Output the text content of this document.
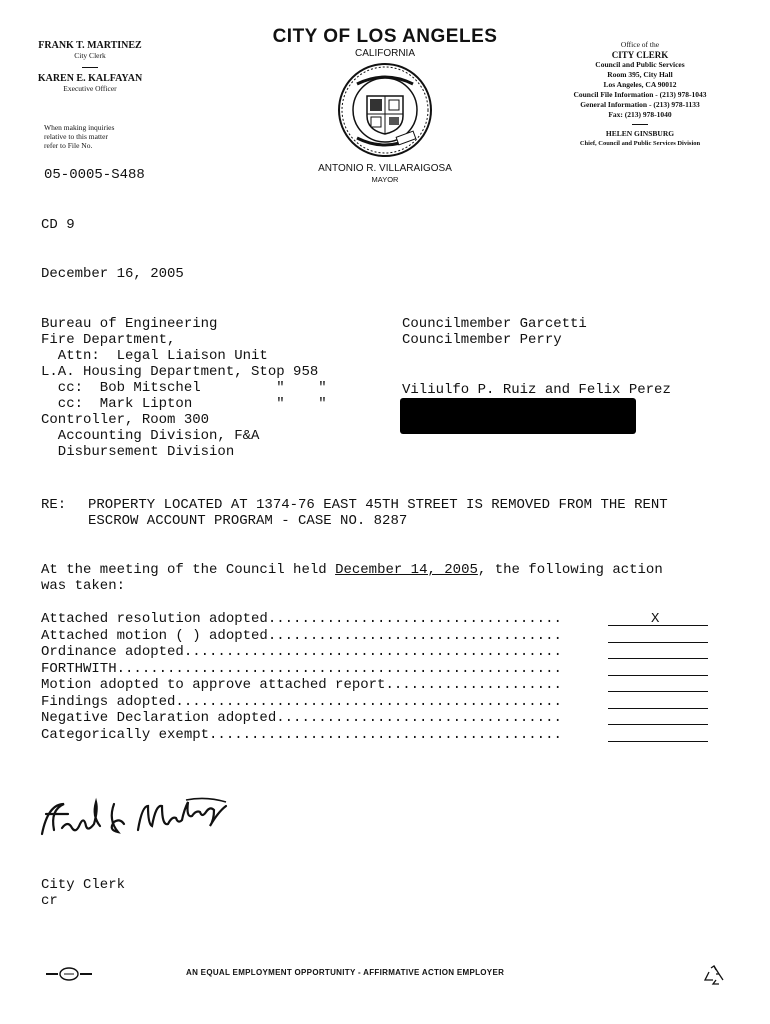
FRANK T. MARTINEZ
City Clerk
KAREN E. KALFAYAN
Executive Officer
When making inquiries
relative to this matter
refer to File No.
05-0005-S488
CITY OF LOS ANGELES
CALIFORNIA
ANTONIO R. VILLARAIGOSA
MAYOR
Office of the
CITY CLERK
Council and Public Services
Room 395, City Hall
Los Angeles, CA 90012
Council File Information - (213) 978-1043
General Information - (213) 978-1133
Fax: (213) 978-1040
HELEN GINSBURG
Chief, Council and Public Services Division
CD 9
December 16, 2005
Bureau of Engineering
Fire Department,
Attn:  Legal Liaison Unit
L.A. Housing Department, Stop 958
cc:  Bob Mitschel         "    "
cc:  Mark Lipton          "    "
Controller, Room 300
Accounting Division, F&A
Disbursement Division
Councilmember Garcetti
Councilmember Perry
Viliulfo P. Ruiz and Felix Perez
RE: PROPERTY LOCATED AT 1374-76 EAST 45TH STREET IS REMOVED FROM THE RENT
ESCROW ACCOUNT PROGRAM - CASE NO. 8287
At the meeting of the Council held December 14, 2005, the following action
was taken:
Attached resolution adopted...................................	X
Attached motion ( ) adopted...................................
Ordinance adopted.............................................
FORTHWITH.....................................................
Motion adopted to approve attached report.....................
Findings adopted..............................................
Negative Declaration adopted..................................
Categorically exempt..........................................
City Clerk
cr
AN EQUAL EMPLOYMENT OPPORTUNITY - AFFIRMATIVE ACTION EMPLOYER
